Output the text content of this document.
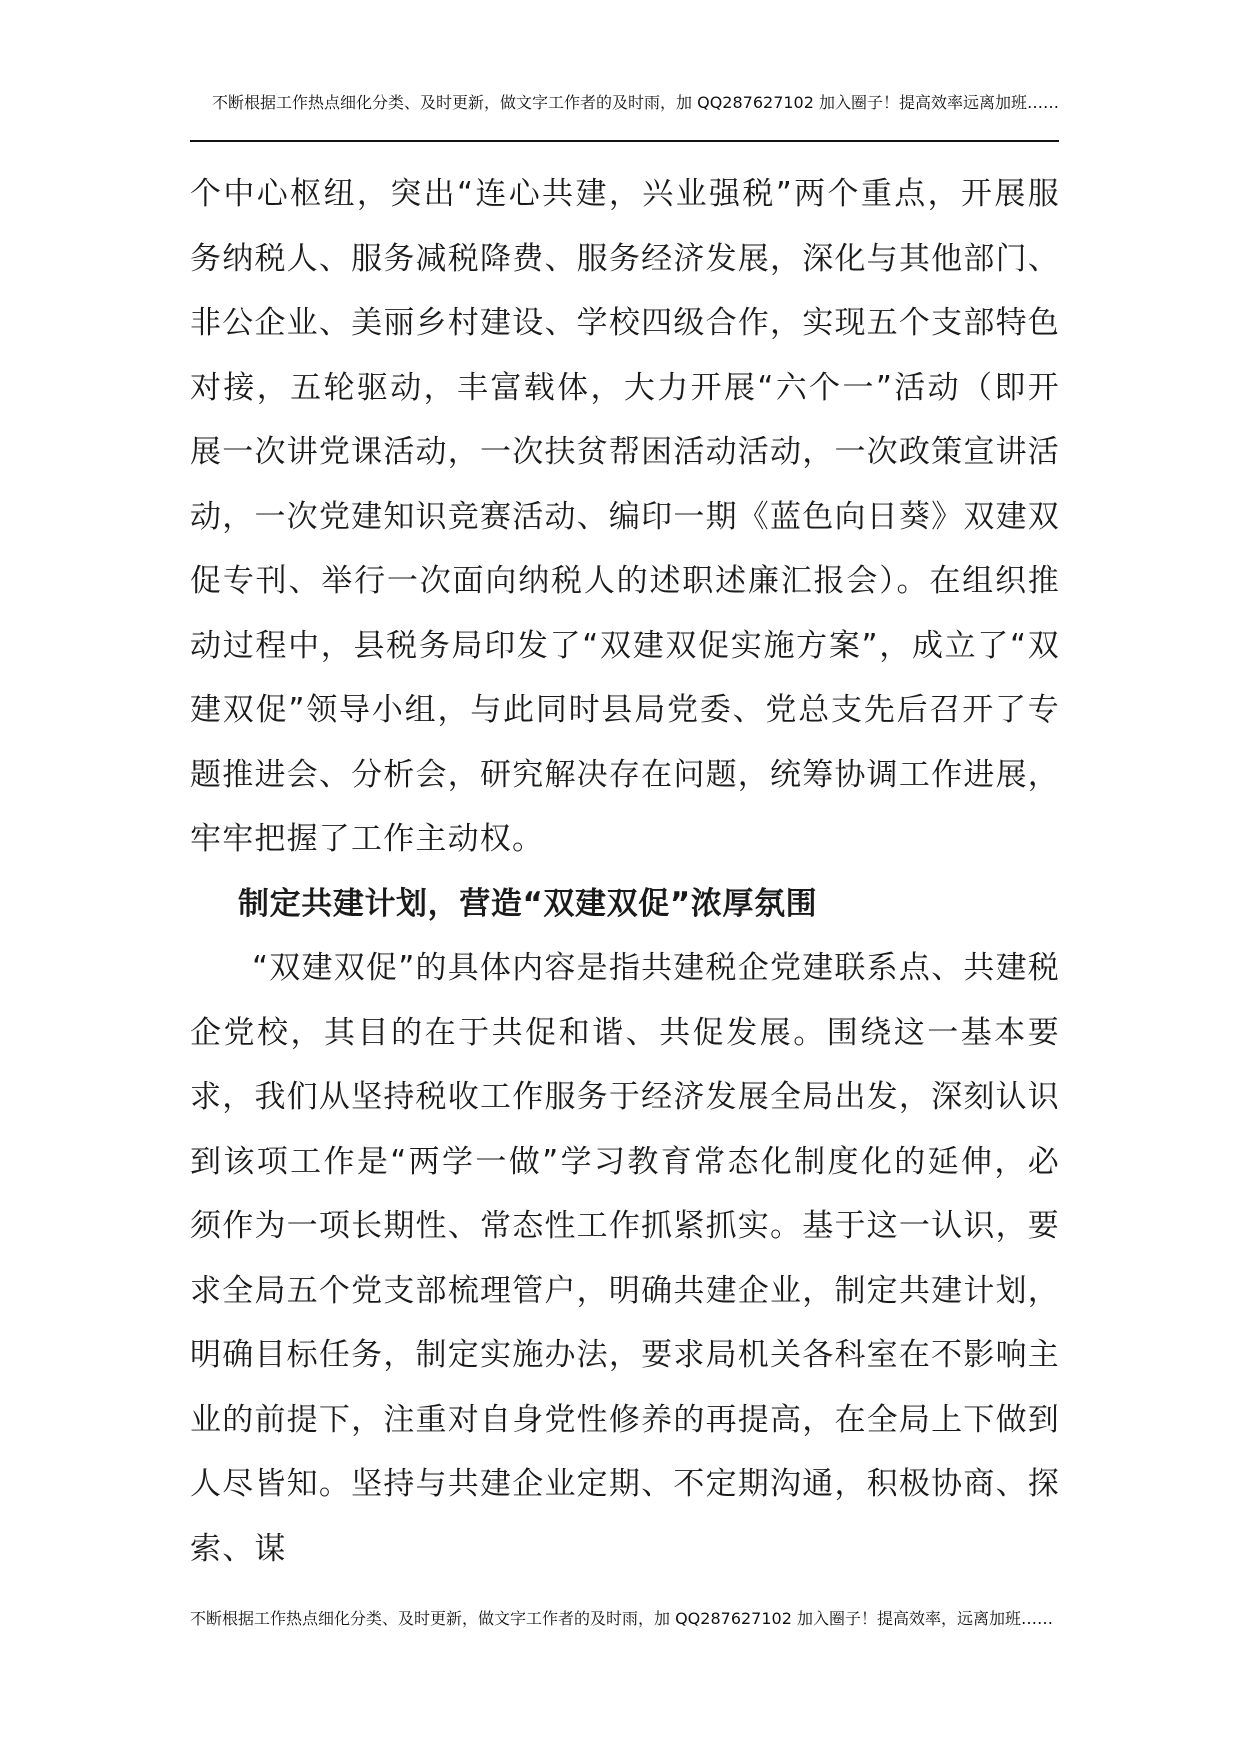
不断根据工作热点细化分类、及时更新，做文字工作者的及时雨，加 QQ287627102 加入圈子！提高效率远离加班……

个中心枢纽，突出“连心共建，兴业强税”两个重点，开展服务纳税人、服务减税降费、服务经济发展，深化与其他部门、非公企业、美丽乡村建设、学校四级合作，实现五个支部特色对接，五轮驱动，丰富载体，大力开展“六个一”活动（即开展一次讲党课活动，一次扶贫帮困活动活动，一次政策宣讲活动，一次党建知识竞赛活动、编印一期《蓝色向日葵》双建双促专刊、举行一次面向纳税人的述职述廉汇报会）。在组织推动过程中，县税务局印发了“双建双促实施方案”，成立了“双建双促”领导小组，与此同时县局党委、党总支先后召开了专题推进会、分析会，研究解决存在问题，统筹协调工作进展，牢牢把握了工作主动权。

制定共建计划，营造“双建双促”浓厚氛围

“双建双促”的具体内容是指共建税企党建联系点、共建税企党校，其目的在于共促和谐、共促发展。围绕这一基本要求，我们从坚持税收工作服务于经济发展全局出发，深刻认识到该项工作是“两学一做”学习教育常态化制度化的延伸，必须作为一项长期性、常态性工作抓紧抓实。基于这一认识，要求全局五个党支部梳理管户，明确共建企业，制定共建计划，明确目标任务，制定实施办法，要求局机关各科室在不影响主业的前提下，注重对自身党性修养的再提高，在全局上下做到人尽皆知。坚持与共建企业定期、不定期沟通，积极协商、探索、谋

不断根据工作热点细化分类、及时更新，做文字工作者的及时雨，加 QQ287627102 加入圈子！提高效率，远离加班……
